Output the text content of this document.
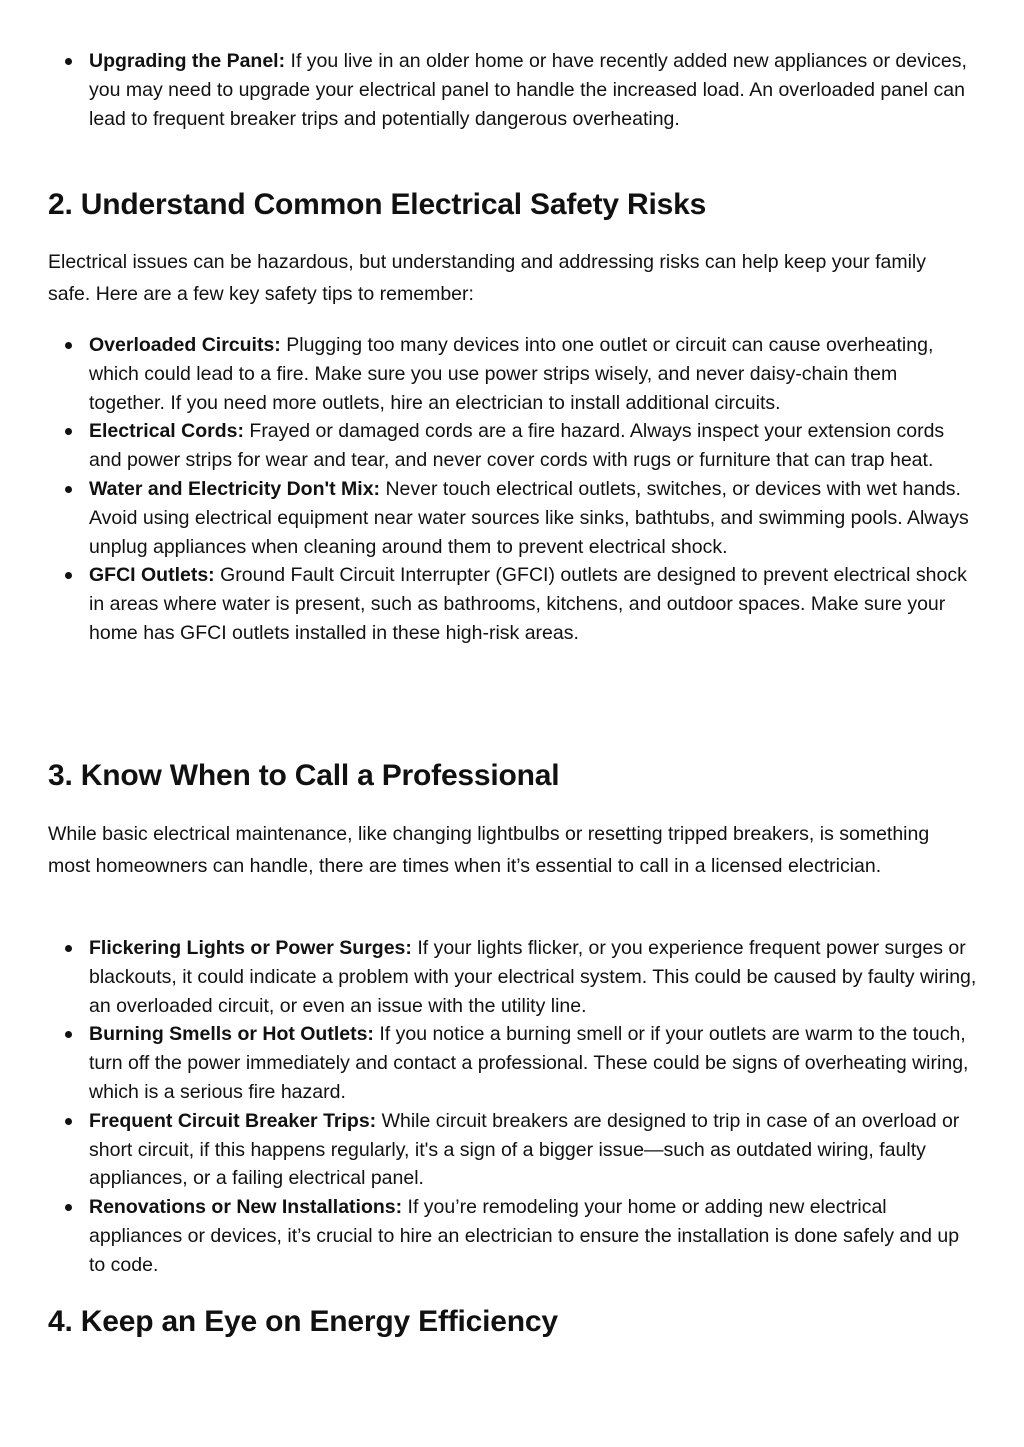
Upgrading the Panel: If you live in an older home or have recently added new appliances or devices, you may need to upgrade your electrical panel to handle the increased load. An overloaded panel can lead to frequent breaker trips and potentially dangerous overheating.
2. Understand Common Electrical Safety Risks

Electrical issues can be hazardous, but understanding and addressing risks can help keep your family safe. Here are a few key safety tips to remember:

Overloaded Circuits: Plugging too many devices into one outlet or circuit can cause overheating, which could lead to a fire. Make sure you use power strips wisely, and never daisy-chain them together. If you need more outlets, hire an electrician to install additional circuits.
Electrical Cords: Frayed or damaged cords are a fire hazard. Always inspect your extension cords and power strips for wear and tear, and never cover cords with rugs or furniture that can trap heat.
Water and Electricity Don't Mix: Never touch electrical outlets, switches, or devices with wet hands. Avoid using electrical equipment near water sources like sinks, bathtubs, and swimming pools. Always unplug appliances when cleaning around them to prevent electrical shock.
GFCI Outlets: Ground Fault Circuit Interrupter (GFCI) outlets are designed to prevent electrical shock in areas where water is present, such as bathrooms, kitchens, and outdoor spaces. Make sure your home has GFCI outlets installed in these high-risk areas.
3. Know When to Call a Professional

While basic electrical maintenance, like changing lightbulbs or resetting tripped breakers, is something most homeowners can handle, there are times when it’s essential to call in a licensed electrician.

Flickering Lights or Power Surges: If your lights flicker, or you experience frequent power surges or blackouts, it could indicate a problem with your electrical system. This could be caused by faulty wiring, an overloaded circuit, or even an issue with the utility line.
Burning Smells or Hot Outlets: If you notice a burning smell or if your outlets are warm to the touch, turn off the power immediately and contact a professional. These could be signs of overheating wiring, which is a serious fire hazard.
Frequent Circuit Breaker Trips: While circuit breakers are designed to trip in case of an overload or short circuit, if this happens regularly, it's a sign of a bigger issue—such as outdated wiring, faulty appliances, or a failing electrical panel.
Renovations or New Installations: If you’re remodeling your home or adding new electrical appliances or devices, it’s crucial to hire an electrician to ensure the installation is done safely and up to code.
4. Keep an Eye on Energy Efficiency
